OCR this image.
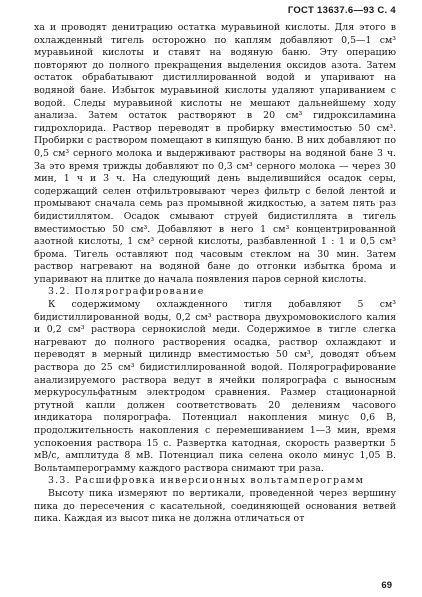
ГОСТ 13637.6—93 С. 4

ха и проводят денитрацию остатка муравьиной кислоты. Для этого в охлажденный тигель осторожно по каплям добавляют 0,5—1 см³ муравьиной кислоты и ставят на водяную баню. Эту операцию повторяют до полного прекращения выделения оксидов азота. Затем остаток обрабатывают дистиллированной водой и упаривают на водяной бане. Избыток муравьиной кислоты удаляют упариванием с водой. Следы муравьиной кислоты не мешают дальнейшему ходу анализа. Затем остаток растворяют в 20 см³ гидроксиламина гидрохлорида. Раствор переводят в пробирку вместимостью 50 см³. Пробирки с раствором помещают в кипящую баню. В них добавляют по 0,5 см³ серного молока и выдерживают растворы на водяной бане 3 ч. За это время трижды добавляют по 0,3 см³ серного молока — через 30 мин, 1 ч и 3 ч. На следующий день выделившийся осадок серы, содержащий селен отфильтровывают через фильтр с белой лентой и промывают сначала семь раз промывной жидкостью, а затем пять раз бидистиллятом. Осадок смывают струей бидистиллята в тигель вместимостью 50 см³. Добавляют в него 1 см³ концентрированной азотной кислоты, 1 см³ серной кислоты, разбавленной 1 : 1 и 0,5 см³ брома. Тигель оставляют под часовым стеклом на 30 мин. Затем раствор нагревают на водяной бане до отгонки избытка брома и упаривают на плитке до начала появления паров серной кислоты.

3.2. Полярографирование

К содержимому охлажденного тигля добавляют 5 см³ бидистиллированной воды, 0,2 см³ раствора двухромовокислого калия и 0,2 см³ раствора сернокислой меди. Содержимое в тигле слегка нагревают до полного растворения осадка, раствор охлаждают и переводят в мерный цилиндр вместимостью 50 см³, доводят объем раствора до 25 см³ бидистиллированной водой. Полярографирование анализируемого раствора ведут в ячейки полярографа с выносным меркуросульфатным электродом сравнения. Размер стационарной ртутной капли должен соответствовать 20 делениям часового индикатора полярографа. Потенциал накопления минус 0,6 В, продолжительность накопления с перемешиванием 1—3 мин, время успокоения раствора 15 с. Развертка катодная, скорость развертки 5 мВ/с, амплитуда 8 мВ. Потенциал пика селена около минус 1,05 В. Вольтамперограмму каждого раствора снимают три раза.

3.3. Расшифровка инверсионных вольтамперограмм

Высоту пика измеряют по вертикали, проведенной через вершину пика до пересечения с касательной, соединяющей основания ветвей пика. Каждая из высот пика не должна отличаться от

69
